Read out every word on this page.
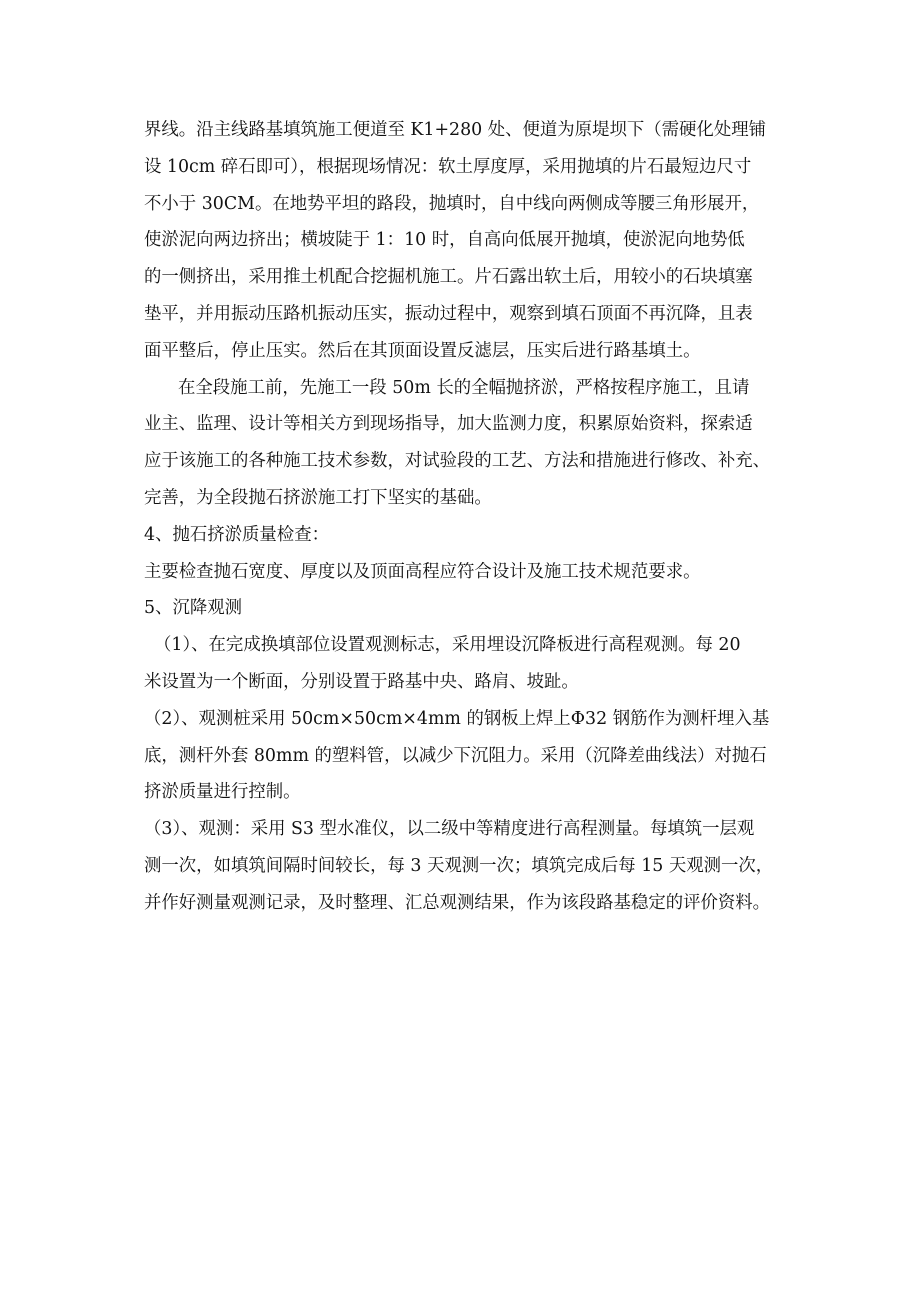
界线。沿主线路基填筑施工便道至 K1+280 处、便道为原堤坝下（需硬化处理铺
设 10cm 碎石即可），根据现场情况：软土厚度厚，采用抛填的片石最短边尺寸
不小于 30CM。在地势平坦的路段，抛填时，自中线向两侧成等腰三角形展开，
使淤泥向两边挤出；横坡陡于 1：10 时，自高向低展开抛填，使淤泥向地势低
的一侧挤出，采用推土机配合挖掘机施工。片石露出软土后，用较小的石块填塞
垫平，并用振动压路机振动压实，振动过程中，观察到填石顶面不再沉降，且表
面平整后，停止压实。然后在其顶面设置反滤层，压实后进行路基填土。
在全段施工前，先施工一段 50m 长的全幅抛挤淤，严格按程序施工，且请
业主、监理、设计等相关方到现场指导，加大监测力度，积累原始资料，探索适
应于该施工的各种施工技术参数，对试验段的工艺、方法和措施进行修改、补充、
完善，为全段抛石挤淤施工打下坚实的基础。
4、抛石挤淤质量检查：
主要检查抛石宽度、厚度以及顶面高程应符合设计及施工技术规范要求。
5、沉降观测
（1）、在完成换填部位设置观测标志，采用埋设沉降板进行高程观测。每 20
米设置为一个断面，分别设置于路基中央、路肩、坡趾。
（2）、观测桩采用 50cm×50cm×4mm 的钢板上焊上Φ32 钢筋作为测杆埋入基
底，测杆外套 80mm 的塑料管，以减少下沉阻力。采用（沉降差曲线法）对抛石
挤淤质量进行控制。
（3）、观测：采用 S3 型水准仪，以二级中等精度进行高程测量。每填筑一层观
测一次，如填筑间隔时间较长，每 3 天观测一次；填筑完成后每 15 天观测一次，
并作好测量观测记录，及时整理、汇总观测结果，作为该段路基稳定的评价资料。
